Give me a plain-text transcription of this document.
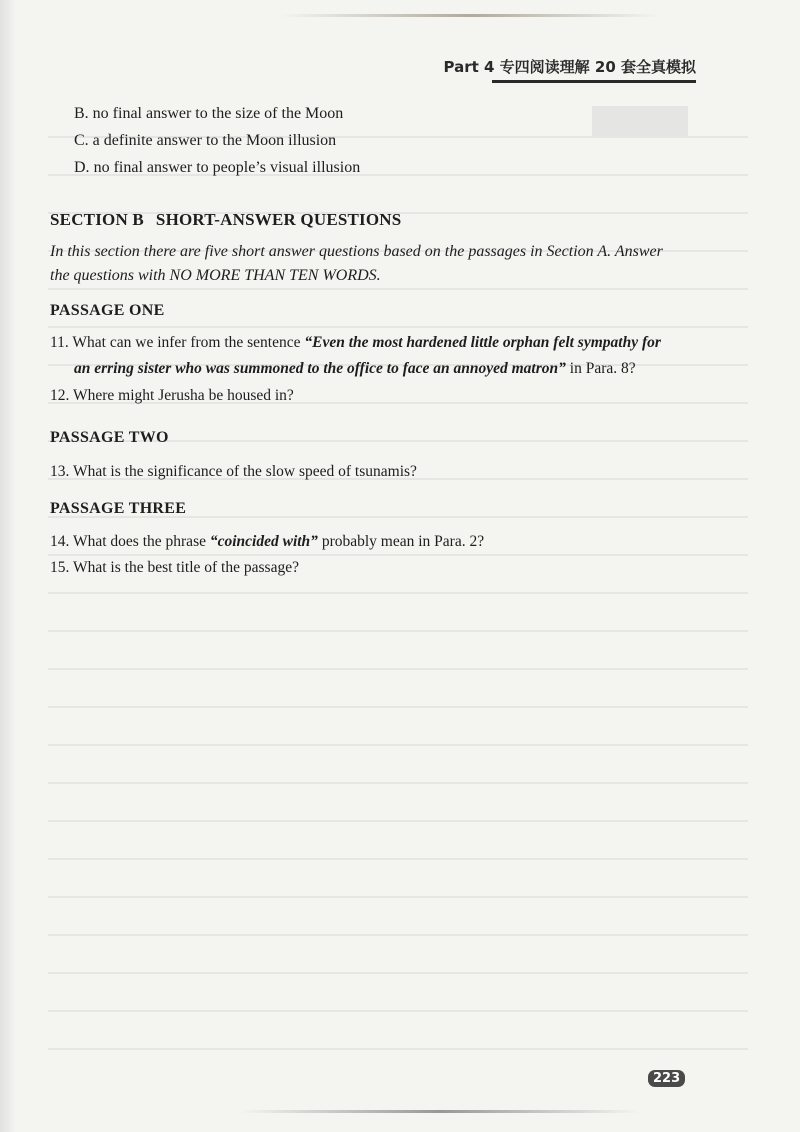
Part 4 专四阅读理解 20 套全真模拟
B. no final answer to the size of the Moon
C. a definite answer to the Moon illusion
D. no final answer to people’s visual illusion
SECTION B SHORT-ANSWER QUESTIONS
In this section there are five short answer questions based on the passages in Section A. Answer
the questions with NO MORE THAN TEN WORDS.
PASSAGE ONE
11. What can we infer from the sentence “Even the most hardened little orphan felt sympathy for
an erring sister who was summoned to the office to face an annoyed matron” in Para. 8?
12. Where might Jerusha be housed in?
PASSAGE TWO
13. What is the significance of the slow speed of tsunamis?
PASSAGE THREE
14. What does the phrase “coincided with” probably mean in Para. 2?
15. What is the best title of the passage?
223
